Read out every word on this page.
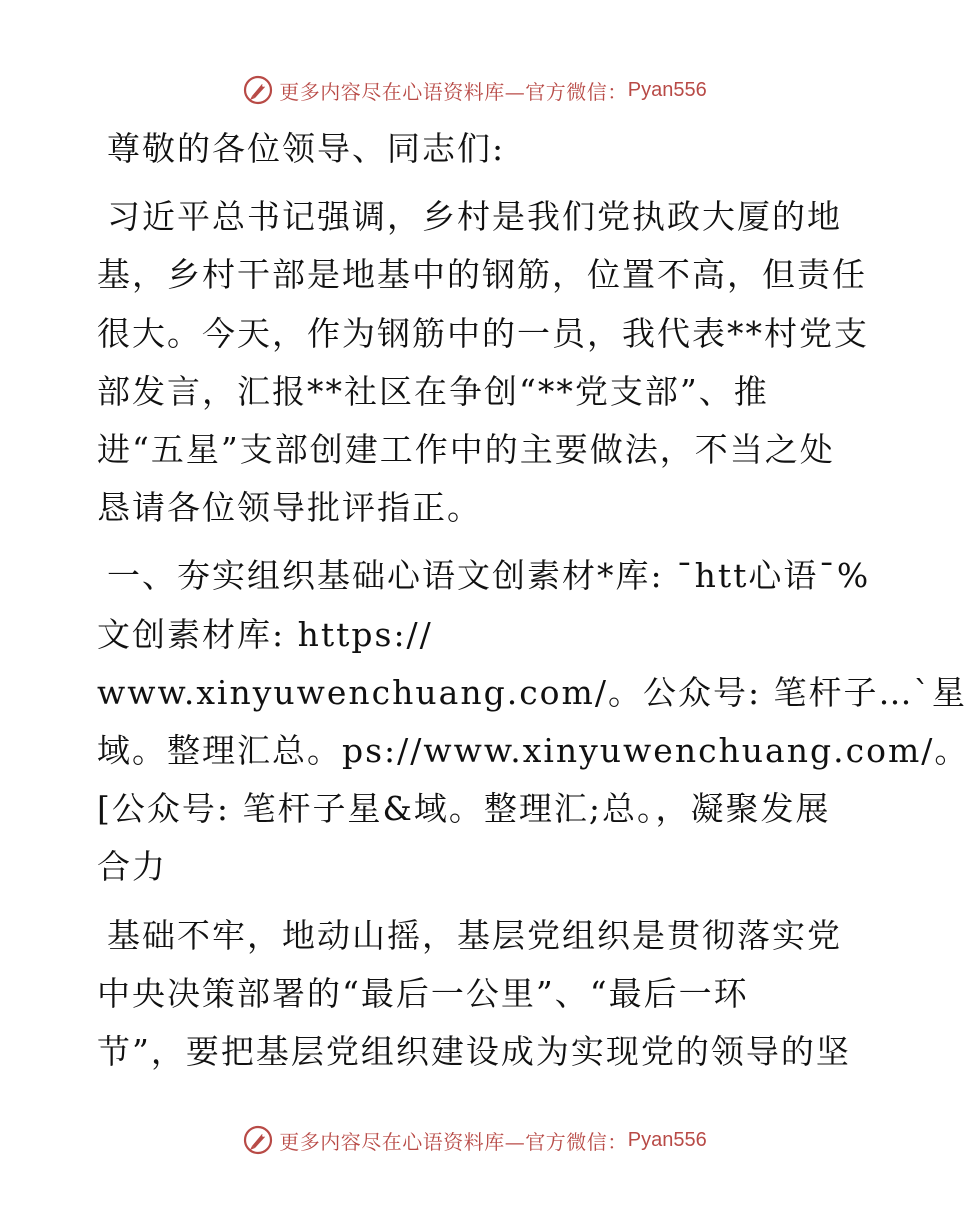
更多内容尽在心语资料库—官方微信： Pyan556

尊敬的各位领导、同志们:

习近平总书记强调，乡村是我们党执政大厦的地
基，乡村干部是地基中的钢筋，位置不高，但责任
很大。今天，作为钢筋中的一员，我代表**村党支
部发言，汇报**社区在争创“**党支部”、推
进“五星”支部创建工作中的主要做法，不当之处
恳请各位领导批评指正。
一、夯实组织基础心语文创素材*库: ¯htt心语¯%
文创素材库: https://
www.xinyuwenchuang.com/。公众号: 笔杆子…`星
域。整理汇总。ps://www.xinyuwenchuang.com/。
[公众号: 笔杆子星&域。整理汇;总。，凝聚发展
合力
基础不牢，地动山摇，基层党组织是贯彻落实党
中央决策部署的“最后一公里”、“最后一环
节”，要把基层党组织建设成为实现党的领导的坚
更多内容尽在心语资料库—官方微信： Pyan556
